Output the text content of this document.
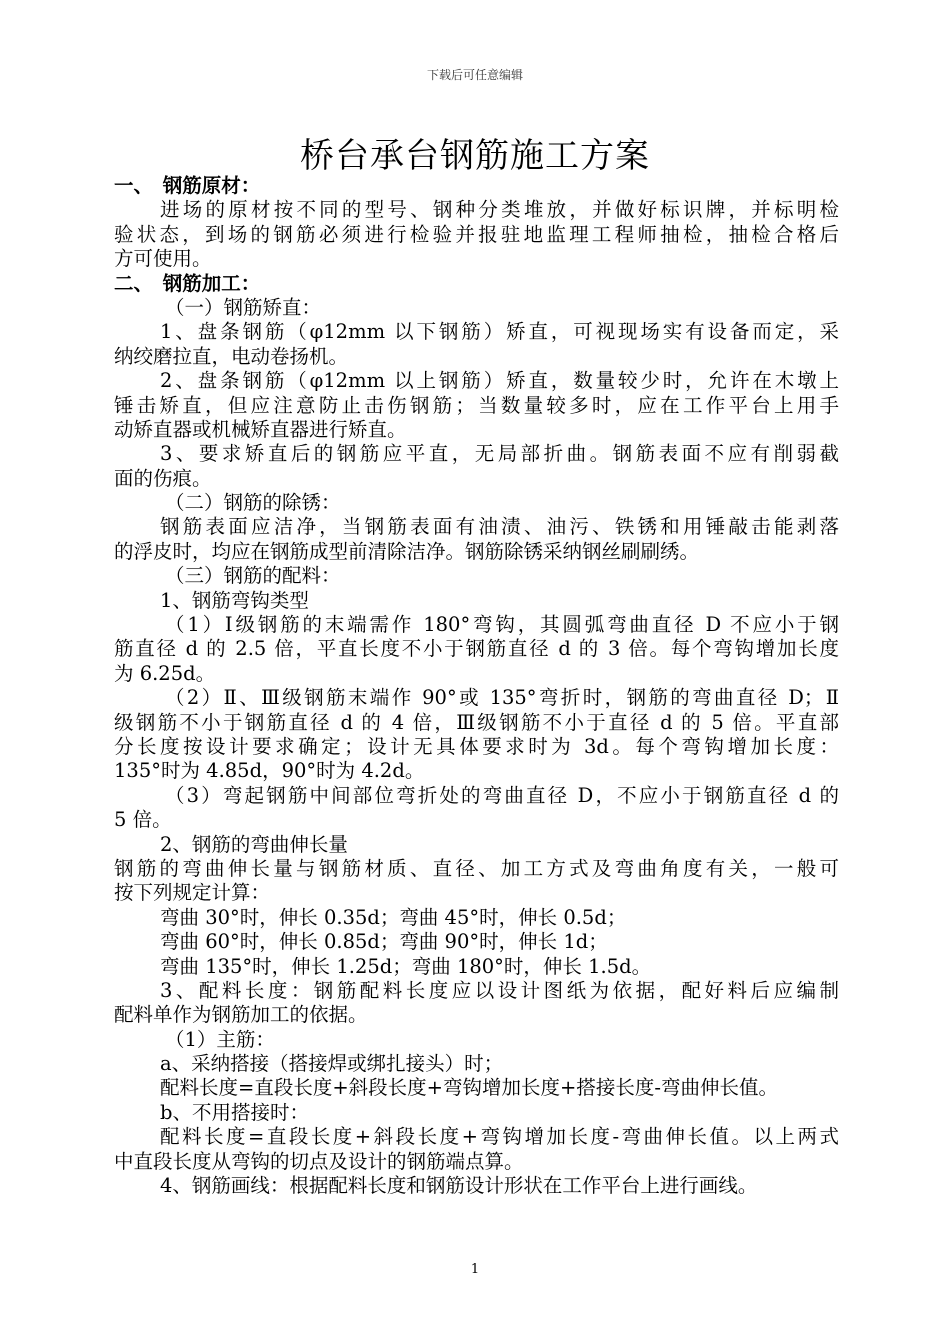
下载后可任意编辑
桥台承台钢筋施工方案
一、　钢筋原材：
进场的原材按不同的型号、钢种分类堆放，并做好标识牌，并标明检
验状态，到场的钢筋必须进行检验并报驻地监理工程师抽检，抽检合格后
方可使用。
二、　钢筋加工：
（一）钢筋矫直：
1、盘条钢筋（φ12mm 以下钢筋）矫直，可视现场实有设备而定，采
纳绞磨拉直，电动卷扬机。
2、盘条钢筋（φ12mm 以上钢筋）矫直，数量较少时，允许在木墩上
锤击矫直，但应注意防止击伤钢筋；当数量较多时，应在工作平台上用手
动矫直器或机械矫直器进行矫直。
3、要求矫直后的钢筋应平直，无局部折曲。钢筋表面不应有削弱截
面的伤痕。
（二）钢筋的除锈：
钢筋表面应洁净，当钢筋表面有油渍、油污、铁锈和用锤敲击能剥落
的浮皮时，均应在钢筋成型前清除洁净。钢筋除锈采纳钢丝刷刷绣。
（三）钢筋的配料：
1、钢筋弯钩类型
（1）Ⅰ级钢筋的末端需作 180°弯钩，其圆弧弯曲直径 D 不应小于钢
筋直径 d 的 2.5 倍，平直长度不小于钢筋直径 d 的 3 倍。每个弯钩增加长度
为 6.25d。
（2）Ⅱ、Ⅲ级钢筋末端作 90°或 135°弯折时，钢筋的弯曲直径 D；Ⅱ
级钢筋不小于钢筋直径 d 的 4 倍，Ⅲ级钢筋不小于直径 d 的 5 倍。平直部
分长度按设计要求确定；设计无具体要求时为 3d。每个弯钩增加长度：
135°时为 4.85d，90°时为 4.2d。
（3）弯起钢筋中间部位弯折处的弯曲直径 D，不应小于钢筋直径 d 的
5 倍。
2、钢筋的弯曲伸长量
钢筋的弯曲伸长量与钢筋材质、直径、加工方式及弯曲角度有关，一般可
按下列规定计算：
弯曲 30°时，伸长 0.35d；弯曲 45°时，伸长 0.5d；
弯曲 60°时，伸长 0.85d；弯曲 90°时，伸长 1d；
弯曲 135°时，伸长 1.25d；弯曲 180°时，伸长 1.5d。
3、配料长度：钢筋配料长度应以设计图纸为依据，配好料后应编制
配料单作为钢筋加工的依据。
（1）主筋：
a、采纳搭接（搭接焊或绑扎接头）时；
配料长度=直段长度+斜段长度+弯钩增加长度+搭接长度-弯曲伸长值。
b、不用搭接时：
配料长度=直段长度+斜段长度+弯钩增加长度-弯曲伸长值。以上两式
中直段长度从弯钩的切点及设计的钢筋端点算。
4、钢筋画线：根据配料长度和钢筋设计形状在工作平台上进行画线。
1
